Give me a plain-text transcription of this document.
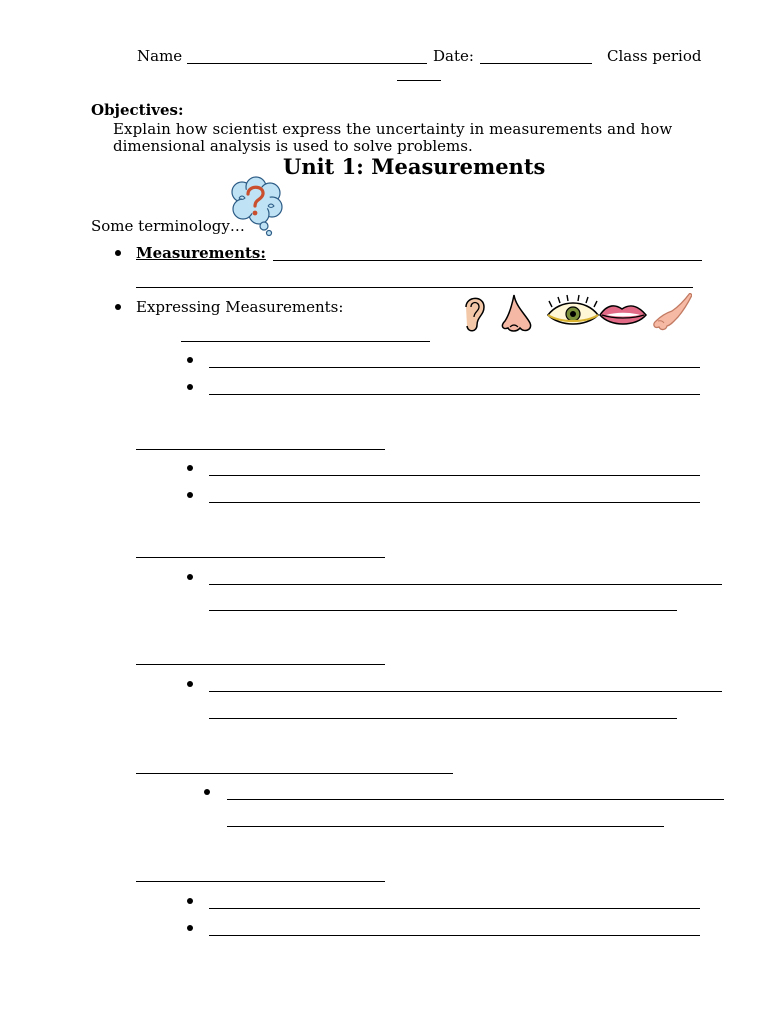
Name	Date:	Class period
Objectives:
Explain how scientist express the uncertainty in measurements and how
dimensional analysis is used to solve problems.
Unit 1: Measurements
Some terminology…
Measurements:
Expressing Measurements:
